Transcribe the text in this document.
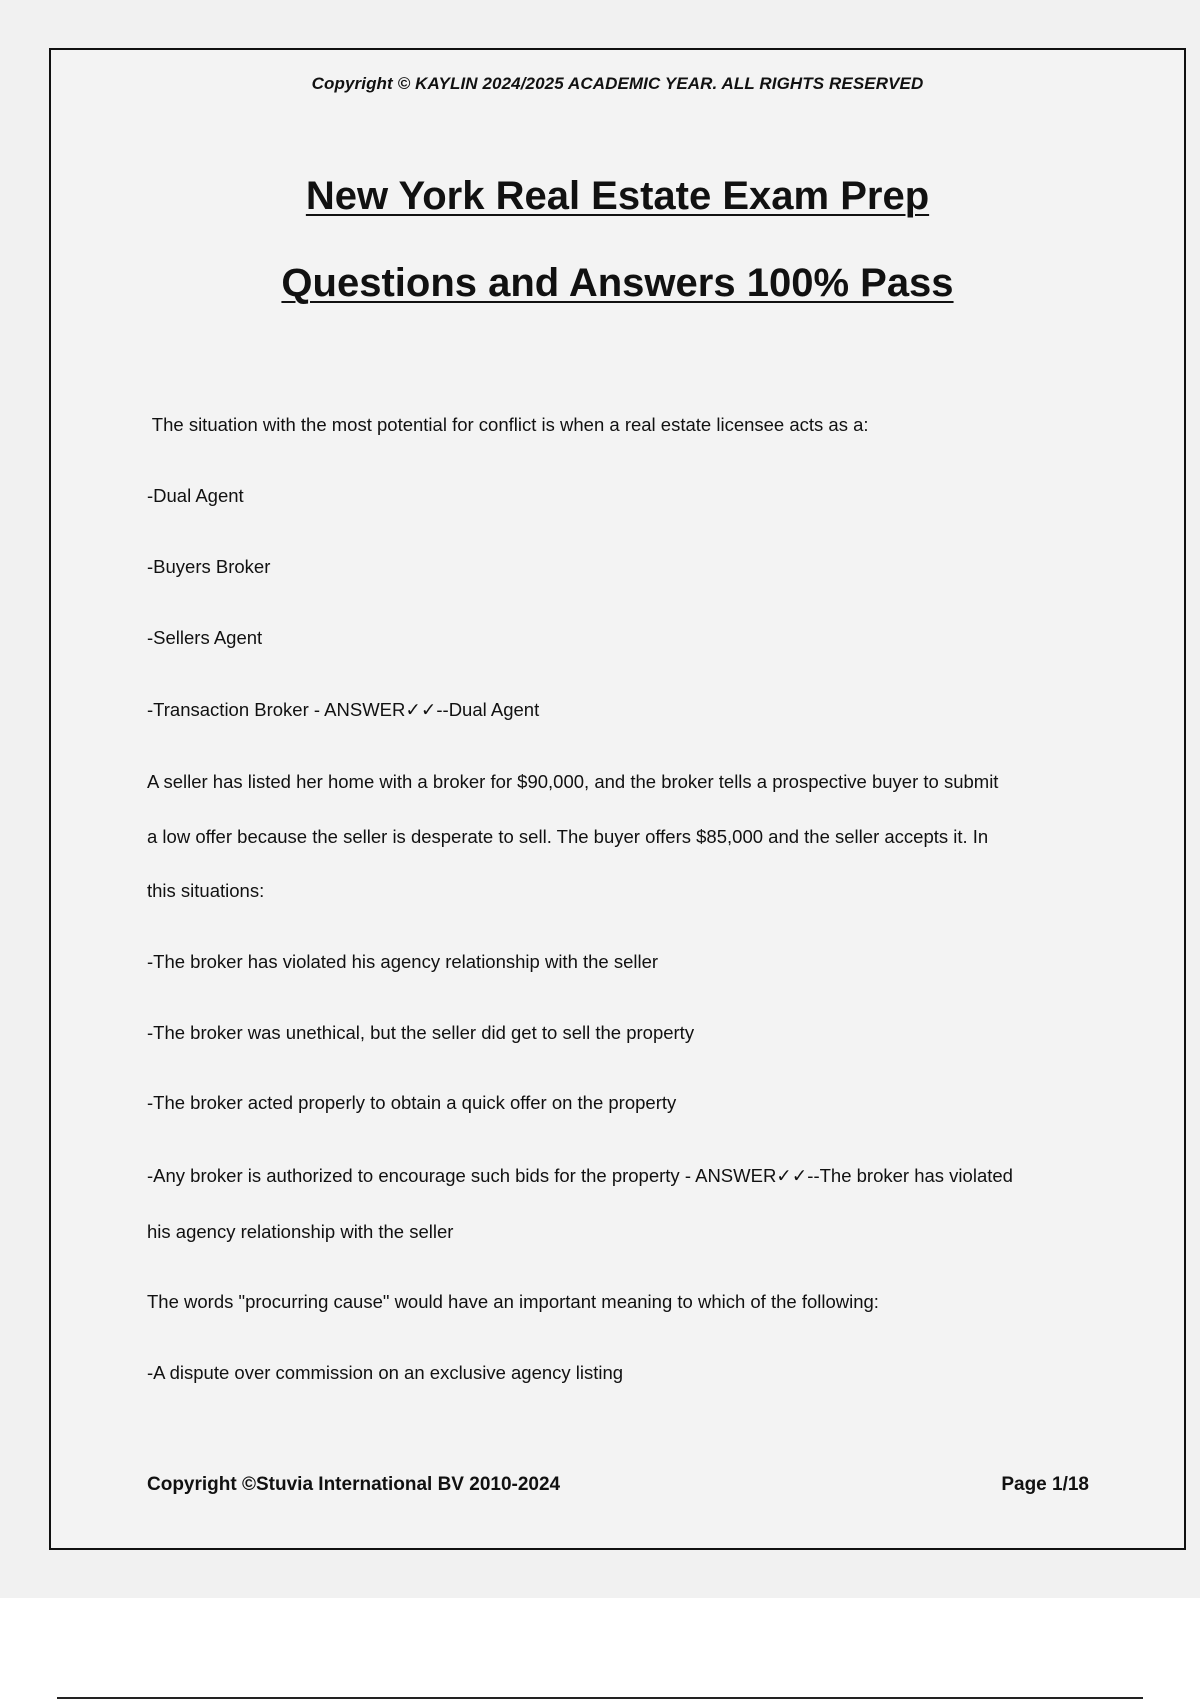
Copyright © KAYLIN 2024/2025 ACADEMIC YEAR. ALL RIGHTS RESERVED
New York Real Estate Exam Prep
Questions and Answers 100% Pass
The situation with the most potential for conflict is when a real estate licensee acts as a:
-Dual Agent
-Buyers Broker
-Sellers Agent
-Transaction Broker - ANSWER✓✓--Dual Agent
A seller has listed her home with a broker for $90,000, and the broker tells a prospective buyer to submit
a low offer because the seller is desperate to sell. The buyer offers $85,000 and the seller accepts it. In
this situations:
-The broker has violated his agency relationship with the seller
-The broker was unethical, but the seller did get to sell the property
-The broker acted properly to obtain a quick offer on the property
-Any broker is authorized to encourage such bids for the property - ANSWER✓✓--The broker has violated
his agency relationship with the seller
The words "procurring cause" would have an important meaning to which of the following:
-A dispute over commission on an exclusive agency listing
Copyright ©Stuvia International BV 2010-2024	Page 1/18
